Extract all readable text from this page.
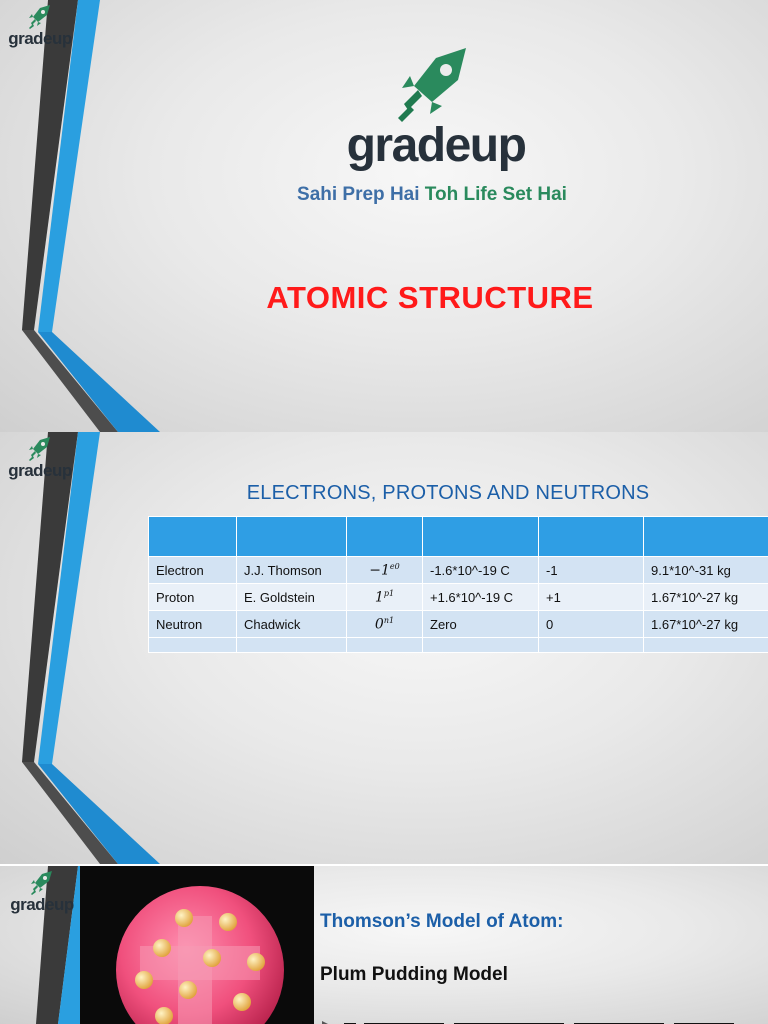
gradeup
gradeup
Sahi Prep Hai Toh Life Set Hai
ATOMIC STRUCTURE
gradeup
ELECTRONS, PROTONS AND NEUTRONS

Electron	J.J. Thomson	$-1^{e0}$	-1.6*10^-19 C	-1	9.1*10^-31 kg
Proton	E. Goldstein	$1^{p1}$	+1.6*10^-19 C	+1	1.67*10^-27 kg
Neutron	Chadwick	$0^{n1}$	Zero	0	1.67*10^-27 kg

gradeup
Thomson’s Model of Atom:
Plum Pudding Model
